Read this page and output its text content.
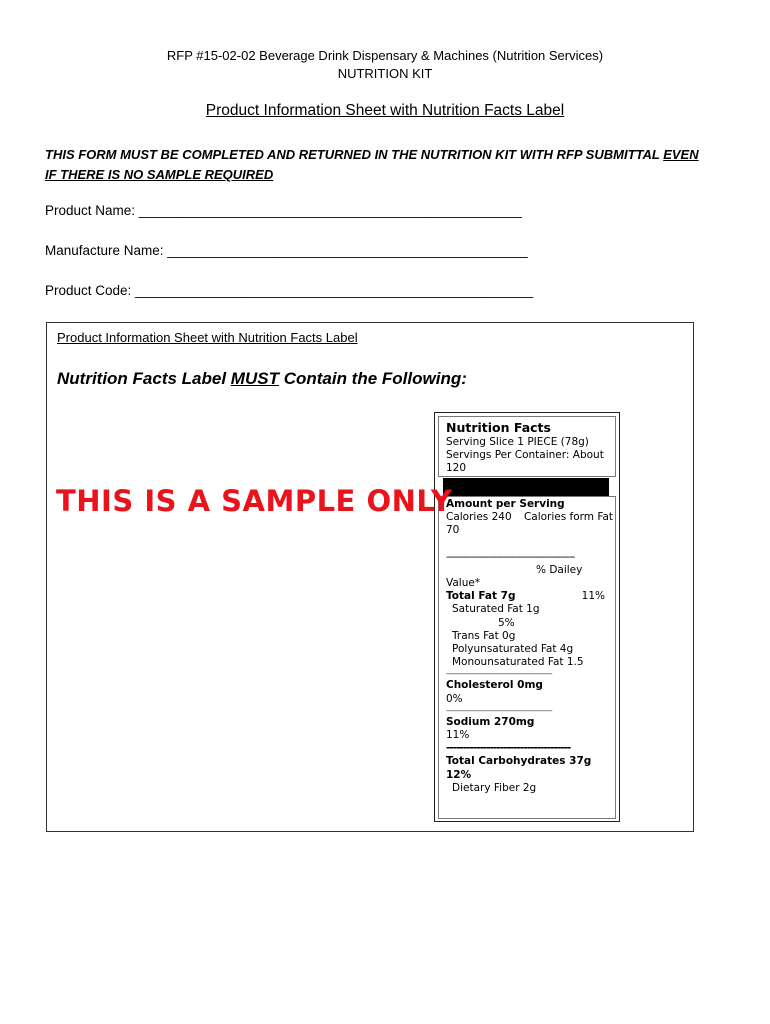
RFP #15-02-02 Beverage Drink Dispensary & Machines (Nutrition Services)
NUTRITION KIT
Product Information Sheet with Nutrition Facts Label
THIS FORM MUST BE COMPLETED AND RETURNED IN THE NUTRITION KIT WITH RFP SUBMITTAL EVEN IF THERE IS NO SAMPLE REQUIRED
Product Name: ___________________________________________________
Manufacture Name: ________________________________________________
Product Code: _____________________________________________________
Product Information Sheet with Nutrition Facts Label
Nutrition Facts Label MUST Contain the Following:
Nutrition Facts
Serving Slice 1 PIECE (78g)
Servings Per Container: About 120
Amount per Serving
Calories 240 Calories form Fat
70
----------------------------------------------
% Dailey
Value*
Total Fat 7g	11%
Saturated Fat 1g
5%
Trans Fat 0g
Polyunsaturated Fat 4g
Monounsaturated Fat 1.5
--------------------------------------------------------
Cholesterol 0mg
0%
--------------------------------------------------------
Sodium 270mg
11%
-------------------------------------
Total Carbohydrates 37g
12%
Dietary Fiber 2g
THIS IS A SAMPLE ONLY
